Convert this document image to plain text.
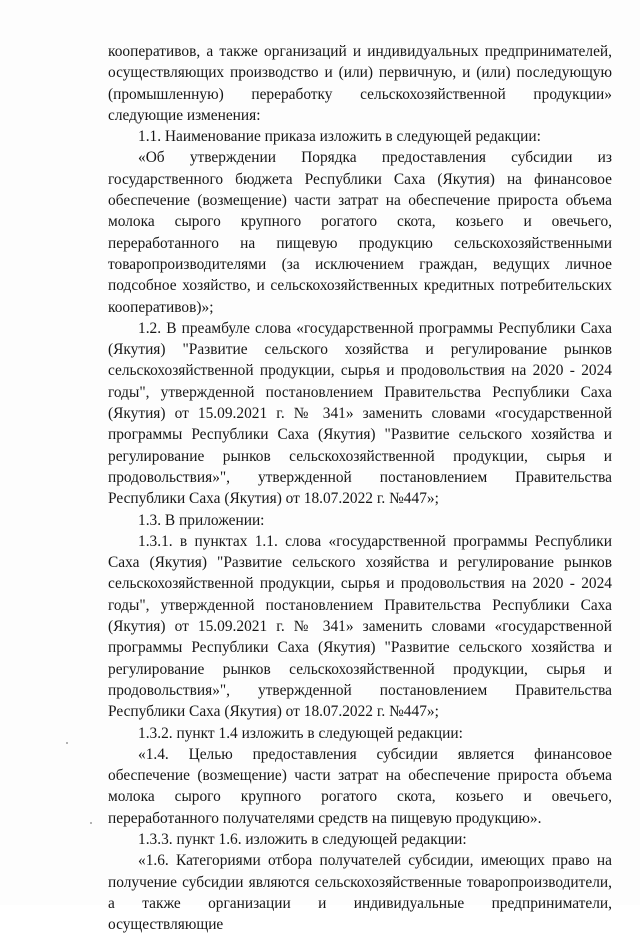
кооперативов, а также организаций и индивидуальных предпринимателей, осуществляющих производство и (или) первичную, и (или) последующую (промышленную) переработку сельскохозяйственной продукции» следующие изменения:

1.1. Наименование приказа изложить в следующей редакции:

«Об утверждении Порядка предоставления субсидии из государственного бюджета Республики Саха (Якутия) на финансовое обеспечение (возмещение) части затрат на обеспечение прироста объема молока сырого крупного рогатого скота, козьего и овечьего, переработанного на пищевую продукцию сельскохозяйственными товаропроизводителями (за исключением граждан, ведущих личное подсобное хозяйство, и сельскохозяйственных кредитных потребительских кооперативов)»;

1.2. В преамбуле слова «государственной программы Республики Саха (Якутия) "Развитие сельского хозяйства и регулирование рынков сельскохозяйственной продукции, сырья и продовольствия на 2020 - 2024 годы", утвержденной постановлением Правительства Республики Саха (Якутия) от 15.09.2021 г. № 341» заменить словами «государственной программы Республики Саха (Якутия) "Развитие сельского хозяйства и регулирование рынков сельскохозяйственной продукции, сырья и продовольствия»", утвержденной постановлением Правительства Республики Саха (Якутия) от 18.07.2022 г. №447»;

1.3. В приложении:

1.3.1. в пунктах 1.1. слова «государственной программы Республики Саха (Якутия) "Развитие сельского хозяйства и регулирование рынков сельскохозяйственной продукции, сырья и продовольствия на 2020 - 2024 годы", утвержденной постановлением Правительства Республики Саха (Якутия) от 15.09.2021 г. № 341» заменить словами «государственной программы Республики Саха (Якутия) "Развитие сельского хозяйства и регулирование рынков сельскохозяйственной продукции, сырья и продовольствия»", утвержденной постановлением Правительства Республики Саха (Якутия) от 18.07.2022 г. №447»;

1.3.2. пункт 1.4 изложить в следующей редакции:

«1.4. Целью предоставления субсидии является финансовое обеспечение (возмещение) части затрат на обеспечение прироста объема молока сырого крупного рогатого скота, козьего и овечьего, переработанного получателями средств на пищевую продукцию».

1.3.3. пункт 1.6. изложить в следующей редакции:

«1.6. Категориями отбора получателей субсидии, имеющих право на получение субсидии являются сельскохозяйственные товаропроизводители, а также организации и индивидуальные предприниматели, осуществляющие
